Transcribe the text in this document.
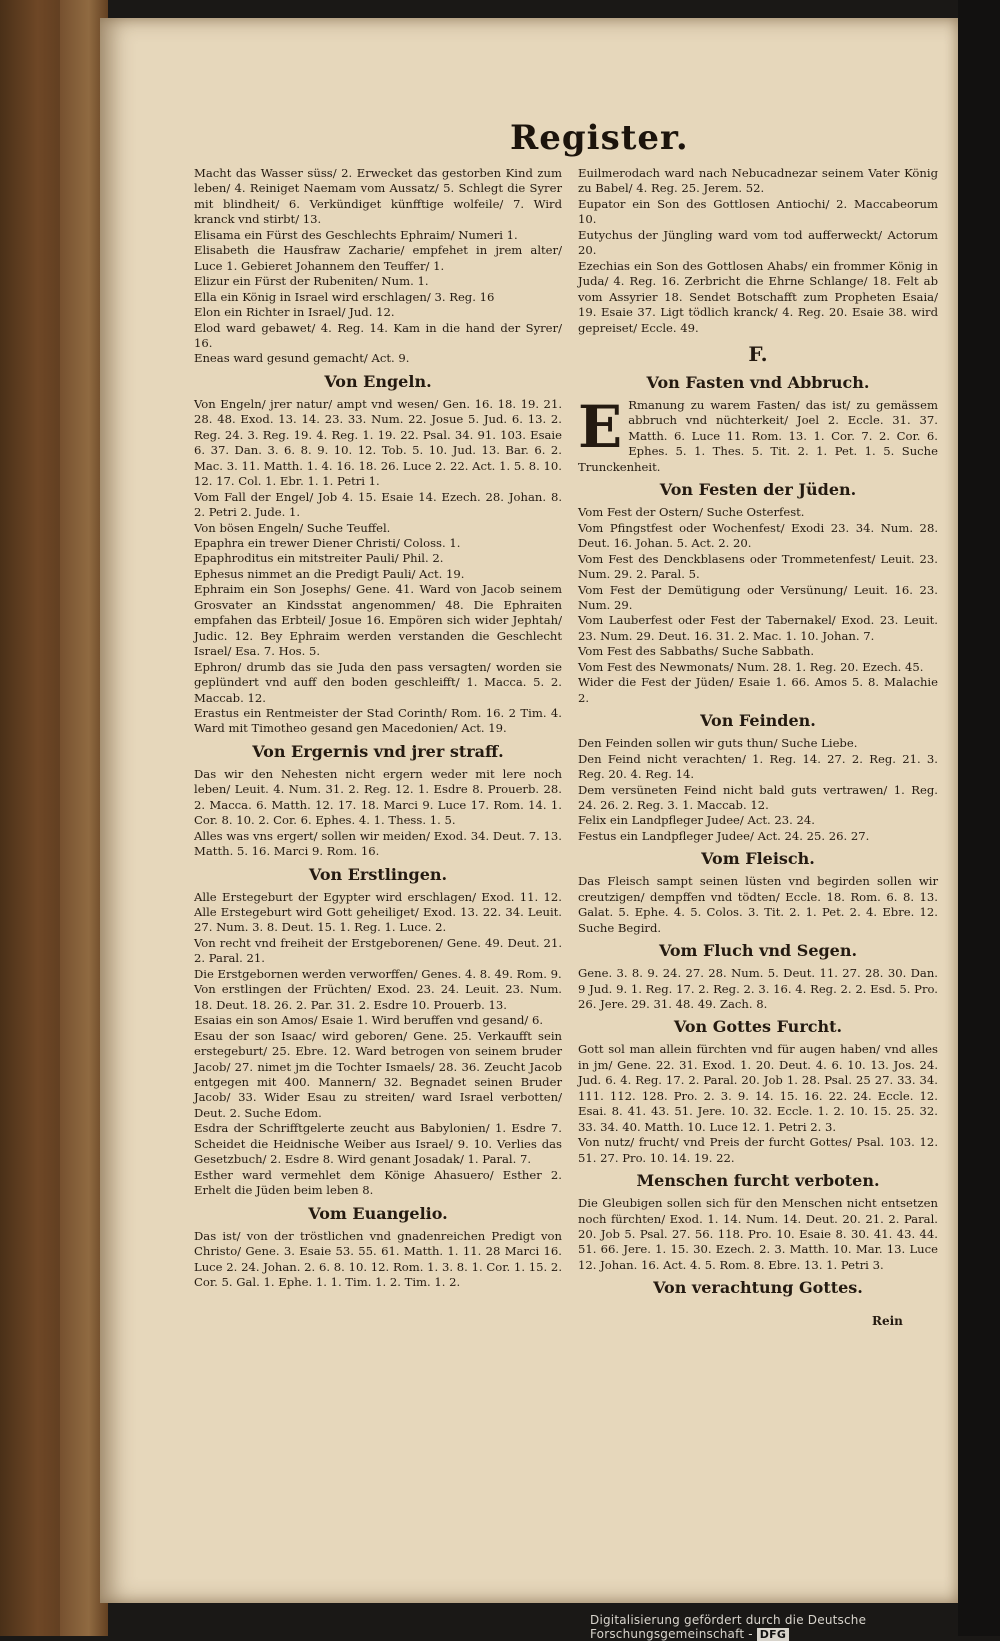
Register.

Macht das Wasser süss/ 2. Erwecket das gestorben Kind zum leben/ 4. Reiniget Naemam vom Aussatz/ 5. Schlegt die Syrer mit blindheit/ 6. Verkündiget künfftige wolfeile/ 7. Wird kranck vnd stirbt/ 13.

Elisama ein Fürst des Geschlechts Ephraim/ Numeri 1.

Elisabeth die Hausfraw Zacharie/ empfehet in jrem alter/ Luce 1. Gebieret Johannem den Teuffer/ 1.

Elizur ein Fürst der Rubeniten/ Num. 1.

Ella ein König in Israel wird erschlagen/ 3. Reg. 16

Elon ein Richter in Israel/ Jud. 12.

Elod ward gebawet/ 4. Reg. 14. Kam in die hand der Syrer/ 16.

Eneas ward gesund gemacht/ Act. 9.

Von Engeln.

Von Engeln/ jrer natur/ ampt vnd wesen/ Gen. 16. 18. 19. 21. 28. 48. Exod. 13. 14. 23. 33. Num. 22. Josue 5. Jud. 6. 13. 2. Reg. 24. 3. Reg. 19. 4. Reg. 1. 19. 22. Psal. 34. 91. 103. Esaie 6. 37. Dan. 3. 6. 8. 9. 10. 12. Tob. 5. 10. Jud. 13. Bar. 6. 2. Mac. 3. 11. Matth. 1. 4. 16. 18. 26. Luce 2. 22. Act. 1. 5. 8. 10. 12. 17. Col. 1. Ebr. 1. 1. Petri 1.

Vom Fall der Engel/ Job 4. 15. Esaie 14. Ezech. 28. Johan. 8. 2. Petri 2. Jude. 1.

Von bösen Engeln/ Suche Teuffel.

Epaphra ein trewer Diener Christi/ Coloss. 1.

Epaphroditus ein mitstreiter Pauli/ Phil. 2.

Ephesus nimmet an die Predigt Pauli/ Act. 19.

Ephraim ein Son Josephs/ Gene. 41. Ward von Jacob seinem Grosvater an Kindsstat angenommen/ 48. Die Ephraiten empfahen das Erbteil/ Josue 16. Empören sich wider Jephtah/ Judic. 12. Bey Ephraim werden verstanden die Geschlecht Israel/ Esa. 7. Hos. 5.

Ephron/ drumb das sie Juda den pass versagten/ worden sie geplündert vnd auff den boden geschleifft/ 1. Macca. 5. 2. Maccab. 12.

Erastus ein Rentmeister der Stad Corinth/ Rom. 16. 2 Tim. 4. Ward mit Timotheo gesand gen Macedonien/ Act. 19.

Von Ergernis vnd jrer straff.

Das wir den Nehesten nicht ergern weder mit lere noch leben/ Leuit. 4. Num. 31. 2. Reg. 12. 1. Esdre 8. Prouerb. 28. 2. Macca. 6. Matth. 12. 17. 18. Marci 9. Luce 17. Rom. 14. 1. Cor. 8. 10. 2. Cor. 6. Ephes. 4. 1. Thess. 1. 5.

Alles was vns ergert/ sollen wir meiden/ Exod. 34. Deut. 7. 13. Matth. 5. 16. Marci 9. Rom. 16.

Von Erstlingen.

Alle Erstegeburt der Egypter wird erschlagen/ Exod. 11. 12. Alle Erstegeburt wird Gott geheiliget/ Exod. 13. 22. 34. Leuit. 27. Num. 3. 8. Deut. 15. 1. Reg. 1. Luce. 2.

Von recht vnd freiheit der Erstgeborenen/ Gene. 49. Deut. 21. 2. Paral. 21.

Die Erstgebornen werden verworffen/ Genes. 4. 8. 49. Rom. 9.

Von erstlingen der Früchten/ Exod. 23. 24. Leuit. 23. Num. 18. Deut. 18. 26. 2. Par. 31. 2. Esdre 10. Prouerb. 13.

Esaias ein son Amos/ Esaie 1. Wird beruffen vnd gesand/ 6.

Esau der son Isaac/ wird geboren/ Gene. 25. Verkaufft sein erstegeburt/ 25. Ebre. 12. Ward betrogen von seinem bruder Jacob/ 27. nimet jm die Tochter Ismaels/ 28. 36. Zeucht Jacob entgegen mit 400. Mannern/ 32. Begnadet seinen Bruder Jacob/ 33. Wider Esau zu streiten/ ward Israel verbotten/ Deut. 2. Suche Edom.

Esdra der Schrifftgelerte zeucht aus Babylonien/ 1. Esdre 7. Scheidet die Heidnische Weiber aus Israel/ 9. 10. Verlies das Gesetzbuch/ 2. Esdre 8. Wird genant Josadak/ 1. Paral. 7.

Esther ward vermehlet dem Könige Ahasuero/ Esther 2. Erhelt die Jüden beim leben 8.

Vom Euangelio.

Das ist/ von der tröstlichen vnd gnadenreichen Predigt von Christo/ Gene. 3. Esaie 53. 55. 61. Matth. 1. 11. 28 Marci 16. Luce 2. 24. Johan. 2. 6. 8. 10. 12. Rom. 1. 3. 8. 1. Cor. 1. 15. 2. Cor. 5. Gal. 1. Ephe. 1. 1. Tim. 1. 2. Tim. 1. 2.

Euilmerodach ward nach Nebucadnezar seinem Vater König zu Babel/ 4. Reg. 25. Jerem. 52.

Eupator ein Son des Gottlosen Antiochi/ 2. Maccabeorum 10.

Eutychus der Jüngling ward vom tod aufferweckt/ Actorum 20.

Ezechias ein Son des Gottlosen Ahabs/ ein frommer König in Juda/ 4. Reg. 16. Zerbricht die Ehrne Schlange/ 18. Felt ab vom Assyrier 18. Sendet Botschafft zum Propheten Esaia/ 19. Esaie 37. Ligt tödlich kranck/ 4. Reg. 20. Esaie 38. wird gepreiset/ Eccle. 49.

F.

Von Fasten vnd Abbruch.

E Rmanung zu warem Fasten/ das ist/ zu gemässem abbruch vnd nüchterkeit/ Joel 2. Eccle. 31. 37. Matth. 6. Luce 11. Rom. 13. 1. Cor. 7. 2. Cor. 6. Ephes. 5. 1. Thes. 5. Tit. 2. 1. Pet. 1. 5. Suche Trunckenheit.

Von Festen der Jüden.

Vom Fest der Ostern/ Suche Osterfest.

Vom Pfingstfest oder Wochenfest/ Exodi 23. 34. Num. 28. Deut. 16. Johan. 5. Act. 2. 20.

Vom Fest des Denckblasens oder Trommetenfest/ Leuit. 23. Num. 29. 2. Paral. 5.

Vom Fest der Demütigung oder Versünung/ Leuit. 16. 23. Num. 29.

Vom Lauberfest oder Fest der Tabernakel/ Exod. 23. Leuit. 23. Num. 29. Deut. 16. 31. 2. Mac. 1. 10. Johan. 7.

Vom Fest des Sabbaths/ Suche Sabbath.

Vom Fest des Newmonats/ Num. 28. 1. Reg. 20. Ezech. 45.

Wider die Fest der Jüden/ Esaie 1. 66. Amos 5. 8. Malachie 2.

Von Feinden.

Den Feinden sollen wir guts thun/ Suche Liebe.

Den Feind nicht verachten/ 1. Reg. 14. 27. 2. Reg. 21. 3. Reg. 20. 4. Reg. 14.

Dem versüneten Feind nicht bald guts vertrawen/ 1. Reg. 24. 26. 2. Reg. 3. 1. Maccab. 12.

Felix ein Landpfleger Judee/ Act. 23. 24.

Festus ein Landpfleger Judee/ Act. 24. 25. 26. 27.

Vom Fleisch.

Das Fleisch sampt seinen lüsten vnd begirden sollen wir creutzigen/ dempffen vnd tödten/ Eccle. 18. Rom. 6. 8. 13. Galat. 5. Ephe. 4. 5. Colos. 3. Tit. 2. 1. Pet. 2. 4. Ebre. 12. Suche Begird.

Vom Fluch vnd Segen.

Gene. 3. 8. 9. 24. 27. 28. Num. 5. Deut. 11. 27. 28. 30. Dan. 9 Jud. 9. 1. Reg. 17. 2. Reg. 2. 3. 16. 4. Reg. 2. 2. Esd. 5. Pro. 26. Jere. 29. 31. 48. 49. Zach. 8.

Von Gottes Furcht.

Gott sol man allein fürchten vnd für augen haben/ vnd alles in jm/ Gene. 22. 31. Exod. 1. 20. Deut. 4. 6. 10. 13. Jos. 24. Jud. 6. 4. Reg. 17. 2. Paral. 20. Job 1. 28. Psal. 25 27. 33. 34. 111. 112. 128. Pro. 2. 3. 9. 14. 15. 16. 22. 24. Eccle. 12. Esai. 8. 41. 43. 51. Jere. 10. 32. Eccle. 1. 2. 10. 15. 25. 32. 33. 34. 40. Matth. 10. Luce 12. 1. Petri 2. 3.

Von nutz/ frucht/ vnd Preis der furcht Gottes/ Psal. 103. 12. 51. 27. Pro. 10. 14. 19. 22.

Menschen furcht verboten.

Die Gleubigen sollen sich für den Menschen nicht entsetzen noch fürchten/ Exod. 1. 14. Num. 14. Deut. 20. 21. 2. Paral. 20. Job 5. Psal. 27. 56. 118. Pro. 10. Esaie 8. 30. 41. 43. 44. 51. 66. Jere. 1. 15. 30. Ezech. 2. 3. Matth. 10. Mar. 13. Luce 12. Johan. 16. Act. 4. 5. Rom. 8. Ebre. 13. 1. Petri 3.

Von verachtung Gottes.

Rein
Digitalisierung gefördert durch die Deutsche Forschungsgemeinschaft - DFG
